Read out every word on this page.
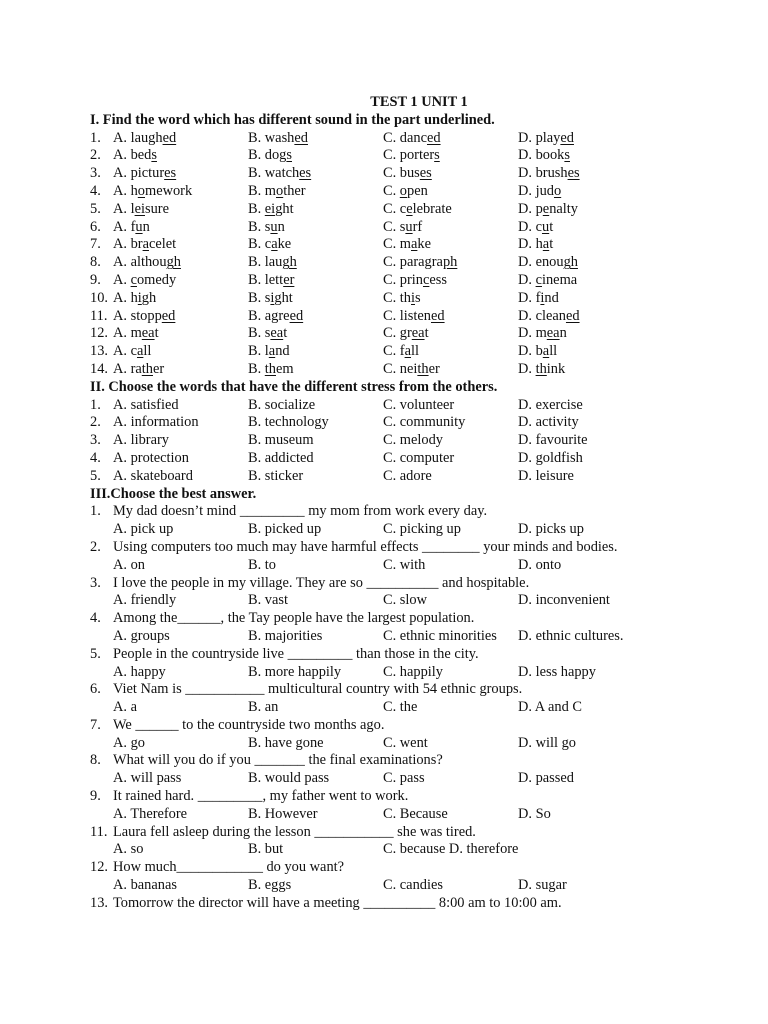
TEST 1 UNIT 1
I. Find the word which has different sound in the part underlined.
1. A. laughed	B. washed	C. danced	D. played
2. A. beds	B. dogs	C. porters	D. books
3. A. pictures	B. watches	C. buses	D. brushes
4. A. homework	B. mother	C. open	D. judo
5. A. leisure	B. eight	C. celebrate	D. penalty
6. A. fun	B. sun	C. surf	D. cut
7. A. bracelet	B. cake	C. make	D. hat
8. A. although	B. laugh	C. paragraph	D. enough
9. A. comedy	B. letter	C. princess	D. cinema
10. A. high	B. sight	C. this	D. find
11. A. stopped	B. agreed	C. listened	D. cleaned
12. A. meat	B. seat	C. great	D. mean
13. A. call	B. land	C. fall	D. ball
14. A. rather	B. them	C. neither	D. think
II. Choose the words that have the different stress from the others.
1. A. satisfied	B. socialize	C. volunteer	D. exercise
2. A. information	B. technology	C. community	D. activity
3. A. library	B. museum	C. melody	D. favourite
4. A. protection	B. addicted	C. computer	D. goldfish
5. A. skateboard	B. sticker	C. adore	D. leisure
III.Choose the best answer.
1. My dad doesn’t mind _________ my mom from work every day.
A. pick up	B. picked up	C. picking up	D. picks up
2. Using computers too much may have harmful effects ________ your minds and bodies.
A. on	B. to	C. with	D. onto
3. I love the people in my village. They are so __________ and hospitable.
A. friendly	B. vast	C. slow	D. inconvenient
4. Among the______, the Tay people have the largest population.
A. groups	B. majorities	C. ethnic minorities	D. ethnic cultures.
5. People in the countryside live _________ than those in the city.
A. happy	B. more happily	C. happily	D. less happy
6. Viet Nam is ___________ multicultural country with 54 ethnic groups.
A. a	B. an	C. the	D. A and C
7. We ______ to the countryside two months ago.
A. go	B. have gone	C. went	D. will go
8. What will you do if you _______ the final examinations?
A. will pass	B. would pass	C. pass	D. passed
9. It rained hard. _________, my father went to work.
A. Therefore	B. However	C. Because	D. So
11. Laura fell asleep during the lesson ___________ she was tired.
A. so	B. but	C. because D. therefore
12. How much____________ do you want?
A. bananas	B. eggs	C. candies	D. sugar
13. Tomorrow the director will have a meeting __________ 8:00 am to 10:00 am.
